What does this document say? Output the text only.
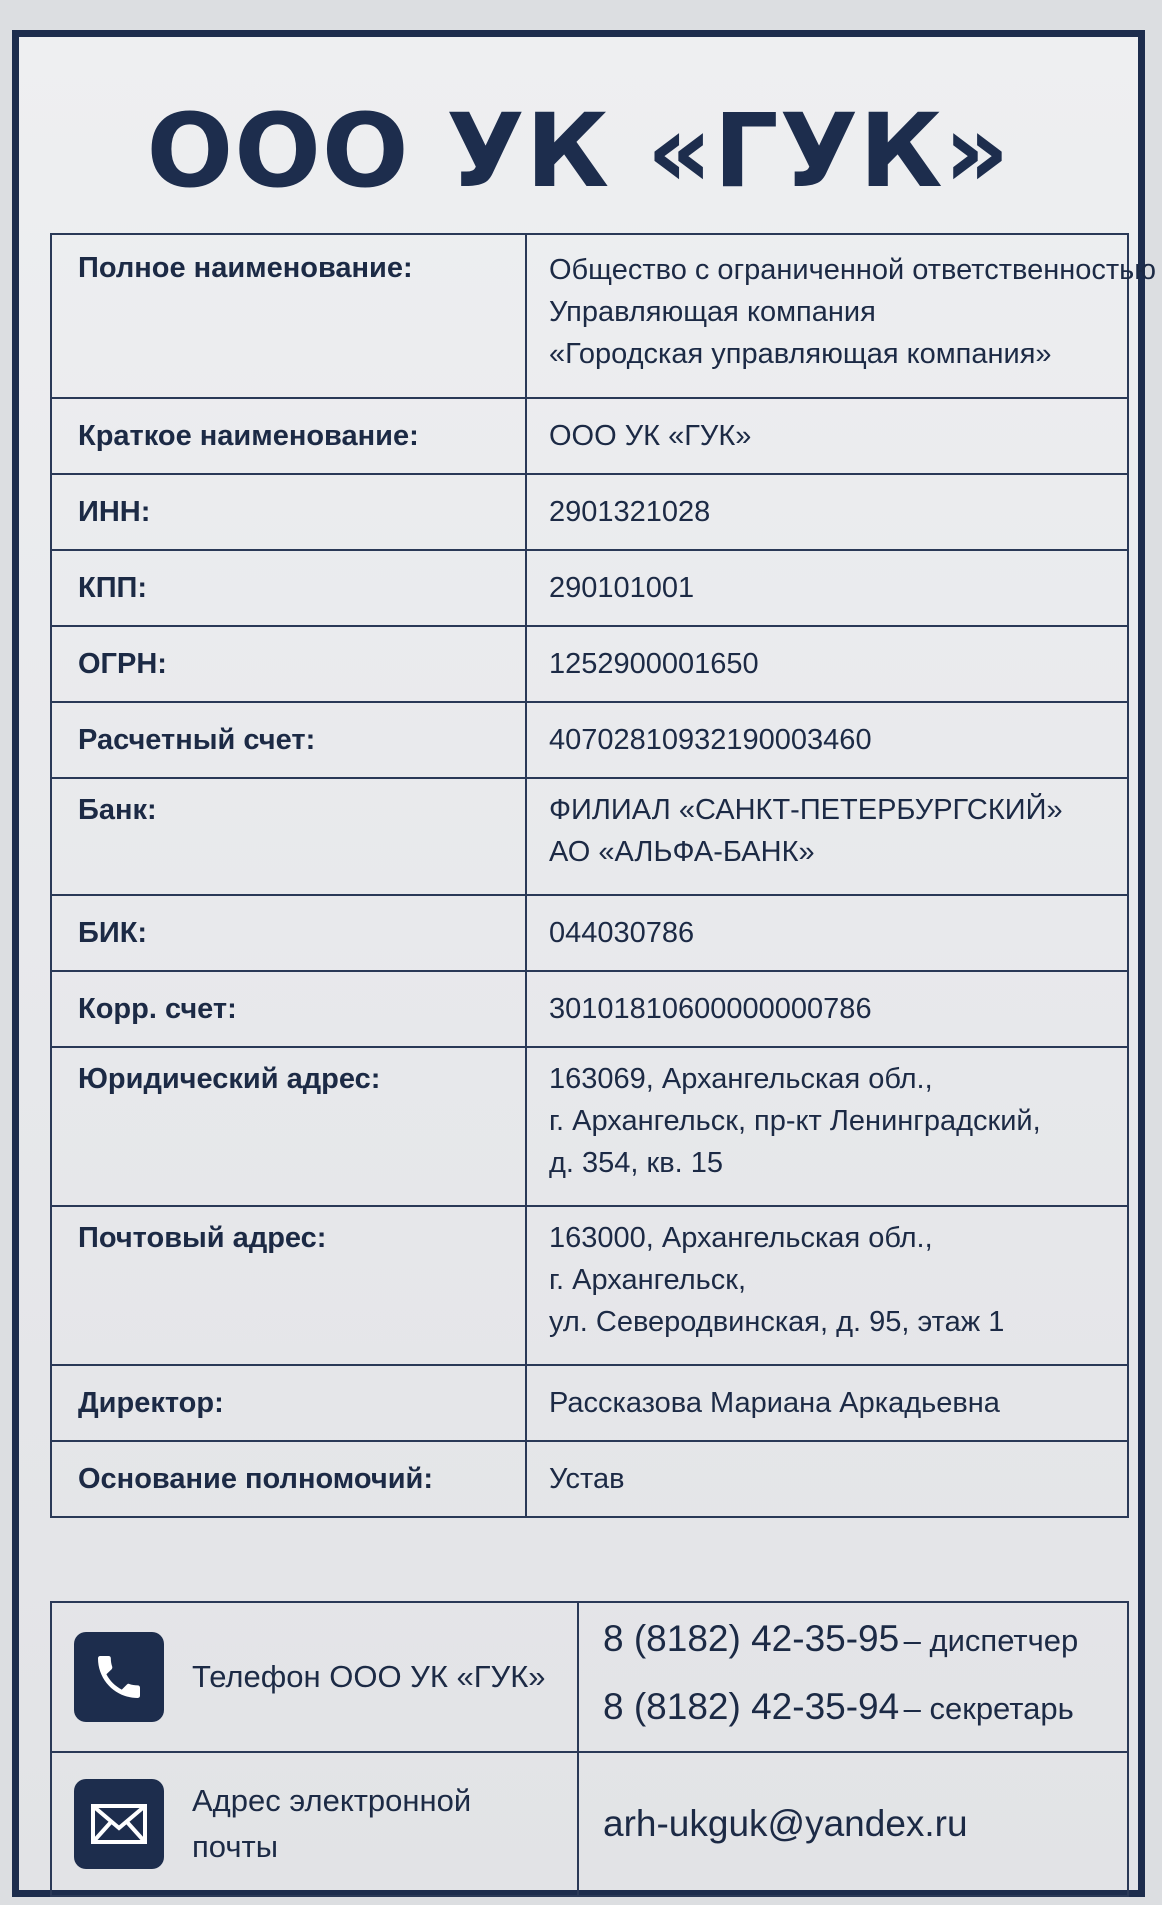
ООО УК «ГУК»
Полное наименование:	Общество с ограниченной ответственностью
Управляющая компания
«Городская управляющая компания»

Краткое наименование:	ООО УК «ГУК»
ИНН:	2901321028
КПП:	290101001
ОГРН:	1252900001650
Расчетный счет:	40702810932190003460
Банк:	ФИЛИАЛ «САНКТ-ПЕТЕРБУРГСКИЙ»
АО «АЛЬФА-БАНК»

БИК:	044030786
Корр. счет:	30101810600000000786
Юридический адрес:	163069, Архангельская обл.,
г. Архангельск, пр-кт Ленинградский,
д. 354, кв. 15

Почтовый адрес:	163000, Архангельская обл.,
г. Архангельск,
ул. Северодвинская, д. 95, этаж 1

Директор:	Рассказова Мариана Аркадьевна
Основание полномочий:	Устав
Телефон ООО УК «ГУК»	8 (8182) 42-35-95 – диспетчер
8 (8182) 42-35-94 – секретарь

Адрес электронной
почты	arh-ukguk@yandex.ru
